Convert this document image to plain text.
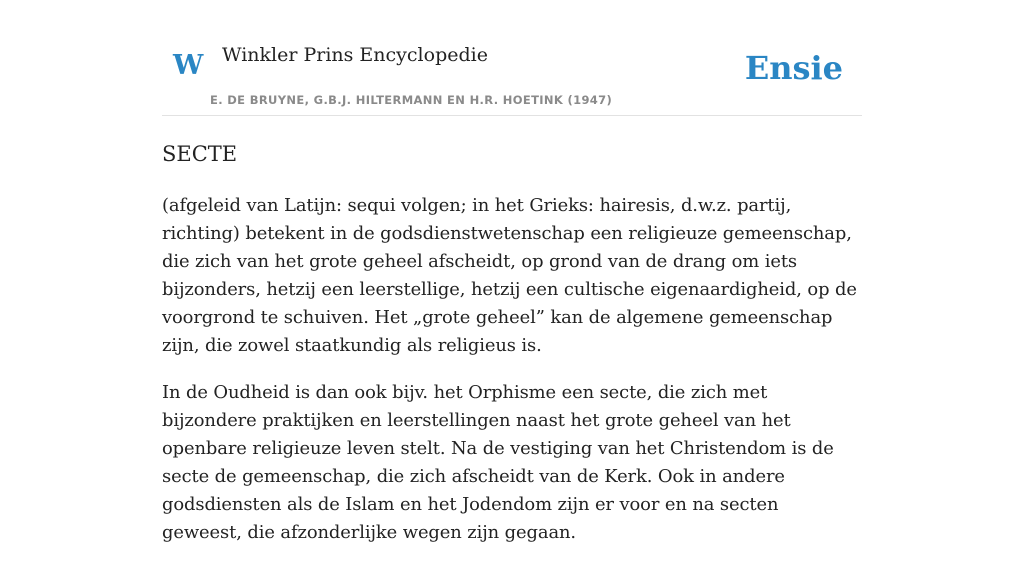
W Winkler Prins Encyclopedie
E. DE BRUYNE, G.B.J. HILTERMANN EN H.R. HOETINK (1947)
Ensie
SECTE

(afgeleid van Latijn: sequi volgen; in het Grieks: hairesis, d.w.z. partij, richting) betekent in de godsdienstwetenschap een religieuze gemeenschap, die zich van het grote geheel afscheidt, op grond van de drang om iets bijzonders, hetzij een leerstellige, hetzij een cultische eigenaardigheid, op de voorgrond te schuiven. Het „grote geheel” kan de algemene gemeenschap zijn, die zowel staatkundig als religieus is.

In de Oudheid is dan ook bijv. het Orphisme een secte, die zich met bijzondere praktijken en leerstellingen naast het grote geheel van het openbare religieuze leven stelt. Na de vestiging van het Christendom is de secte de gemeenschap, die zich afscheidt van de Kerk. Ook in andere godsdiensten als de Islam en het Jodendom zijn er voor en na secten geweest, die afzonderlijke wegen zijn gegaan.
